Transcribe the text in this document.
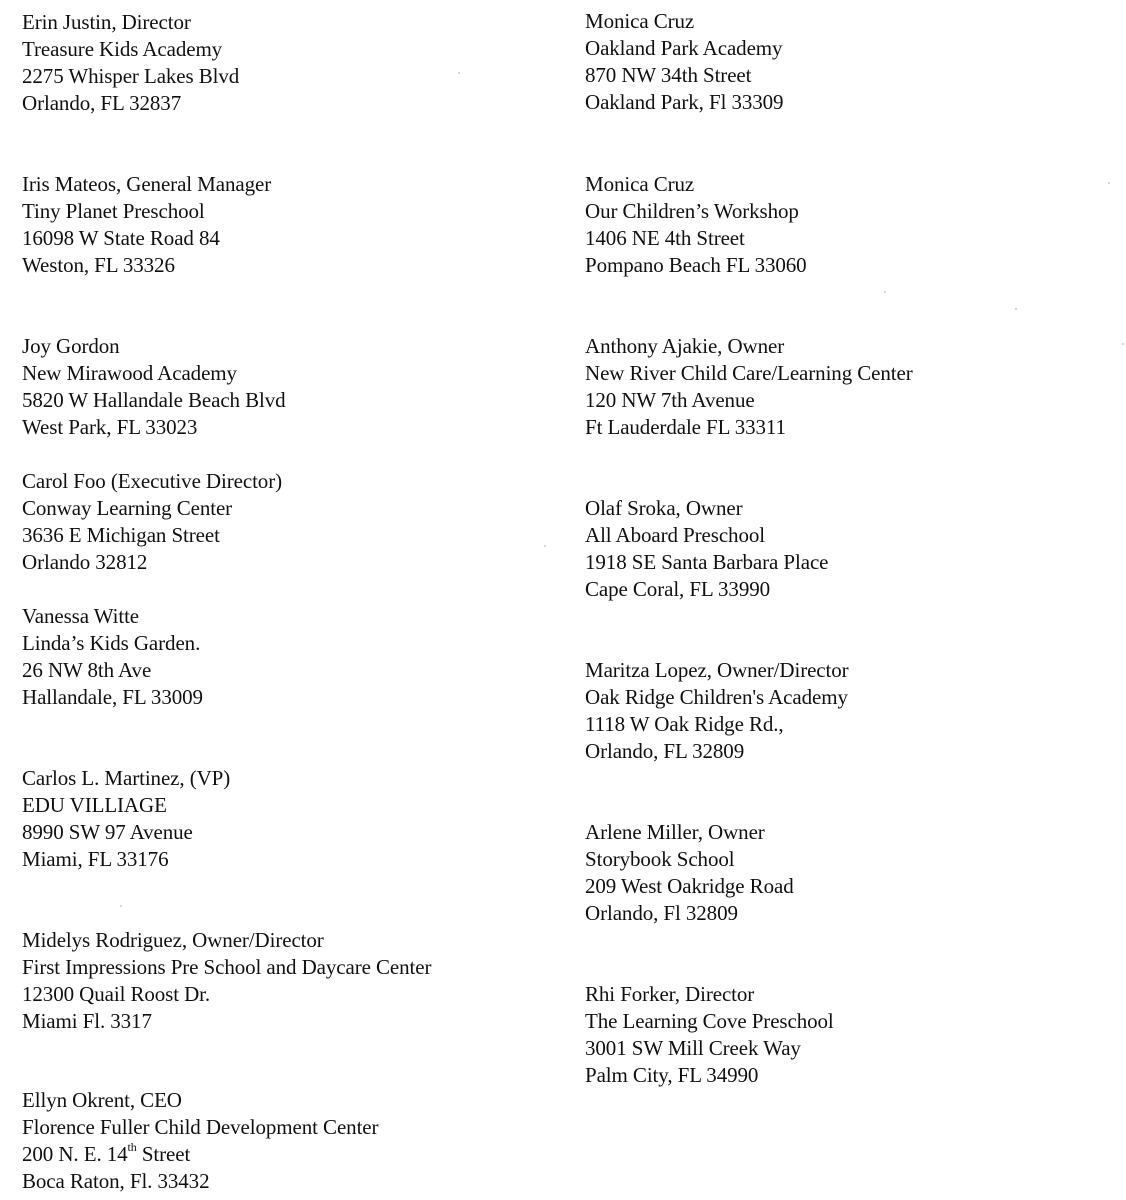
Erin Justin, Director
Treasure Kids Academy
2275 Whisper Lakes Blvd
Orlando, FL 32837
Iris Mateos, General Manager
Tiny Planet Preschool
16098 W State Road 84
Weston, FL 33326
Joy Gordon
New Mirawood Academy
5820 W Hallandale Beach Blvd
West Park, FL 33023
Carol Foo (Executive Director)
Conway Learning Center
3636 E Michigan Street
Orlando 32812
Vanessa Witte
Linda’s Kids Garden.
26 NW 8th Ave
Hallandale, FL 33009
Carlos L. Martinez, (VP)
EDU VILLIAGE
8990 SW 97 Avenue
Miami, FL 33176
Midelys Rodriguez, Owner/Director
First Impressions Pre School and Daycare Center
12300 Quail Roost Dr.
Miami Fl. 3317
Ellyn Okrent, CEO
Florence Fuller Child Development Center
200 N. E. 14th Street
Boca Raton, Fl. 33432
Monica Cruz
Oakland Park Academy
870 NW 34th Street
Oakland Park, Fl 33309
Monica Cruz
Our Children’s Workshop
1406 NE 4th Street
Pompano Beach FL 33060
Anthony Ajakie, Owner
New River Child Care/Learning Center
120 NW 7th Avenue
Ft Lauderdale FL 33311
Olaf Sroka, Owner
All Aboard Preschool
1918 SE Santa Barbara Place
Cape Coral, FL 33990
Maritza Lopez, Owner/Director
Oak Ridge Children's Academy
1118 W Oak Ridge Rd.,
Orlando, FL 32809
Arlene Miller, Owner
Storybook School
209 West Oakridge Road
Orlando, Fl 32809
Rhi Forker, Director
The Learning Cove Preschool
3001 SW Mill Creek Way
Palm City, FL 34990
